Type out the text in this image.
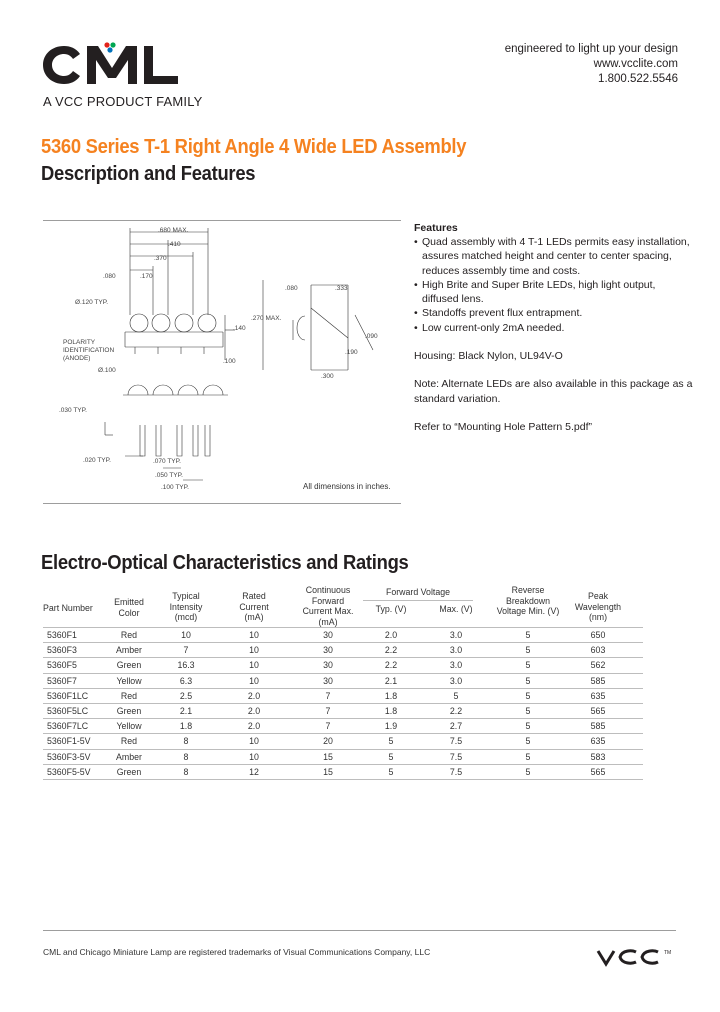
A VCC PRODUCT FAMILY
engineered to light up your design
www.vcclite.com
1.800.522.5546
5360 Series T-1 Right Angle 4 Wide LED Assembly
Description and Features
.680 MAX.
.410
.370
.170
.080
.140
.270 MAX.
.100
.333
.080
.090
.190
.300
Ø.120 TYP.
POLARITY
IDENTIFICATION
(ANODE)
Ø.100
.030 TYP.
.020 TYP.	.070 TYP.
.050 TYP.
.100 TYP.	All dimensions in inches.
Features
• Quad assembly with 4 T-1 LEDs permits easy installation, assures matched height and center to center spacing, reduces assembly time and costs.
• High Brite and Super Brite LEDs, high light output, diffused lens.
• Standoffs prevent flux entrapment.
• Low current-only 2mA needed.

Housing: Black Nylon, UL94V-O

Note: Alternate LEDs are also available in this package as a standard variation.

Refer to “Mounting Hole Pattern 5.pdf”

Electro-Optical Characteristics and Ratings
Part Number
Emitted Color
Typical Intensity (mcd)
Rated Current (mA)
Continuous Forward Current Max. (mA)
Forward Voltage
Typ. (V)	Max. (V)
Reverse Breakdown Voltage Min. (V)
Peak Wavelength (nm)
5360F1	Red	10	10	30	2.0	3.0	5	650
5360F3	Amber	7	10	30	2.2	3.0	5	603
5360F5	Green	16.3	10	30	2.2	3.0	5	562
5360F7	Yellow	6.3	10	30	2.1	3.0	5	585
5360F1LC	Red	2.5	2.0	7	1.8	5	5	635
5360F5LC	Green	2.1	2.0	7	1.8	2.2	5	565
5360F7LC	Yellow	1.8	2.0	7	1.9	2.7	5	585
5360F1-5V	Red	8	10	20	5	7.5	5	635
5360F3-5V	Amber	8	10	15	5	7.5	5	583
5360F5-5V	Green	8	12	15	5	7.5	5	565
CML and Chicago Miniature Lamp are registered trademarks of Visual Communications Company, LLC	TM
